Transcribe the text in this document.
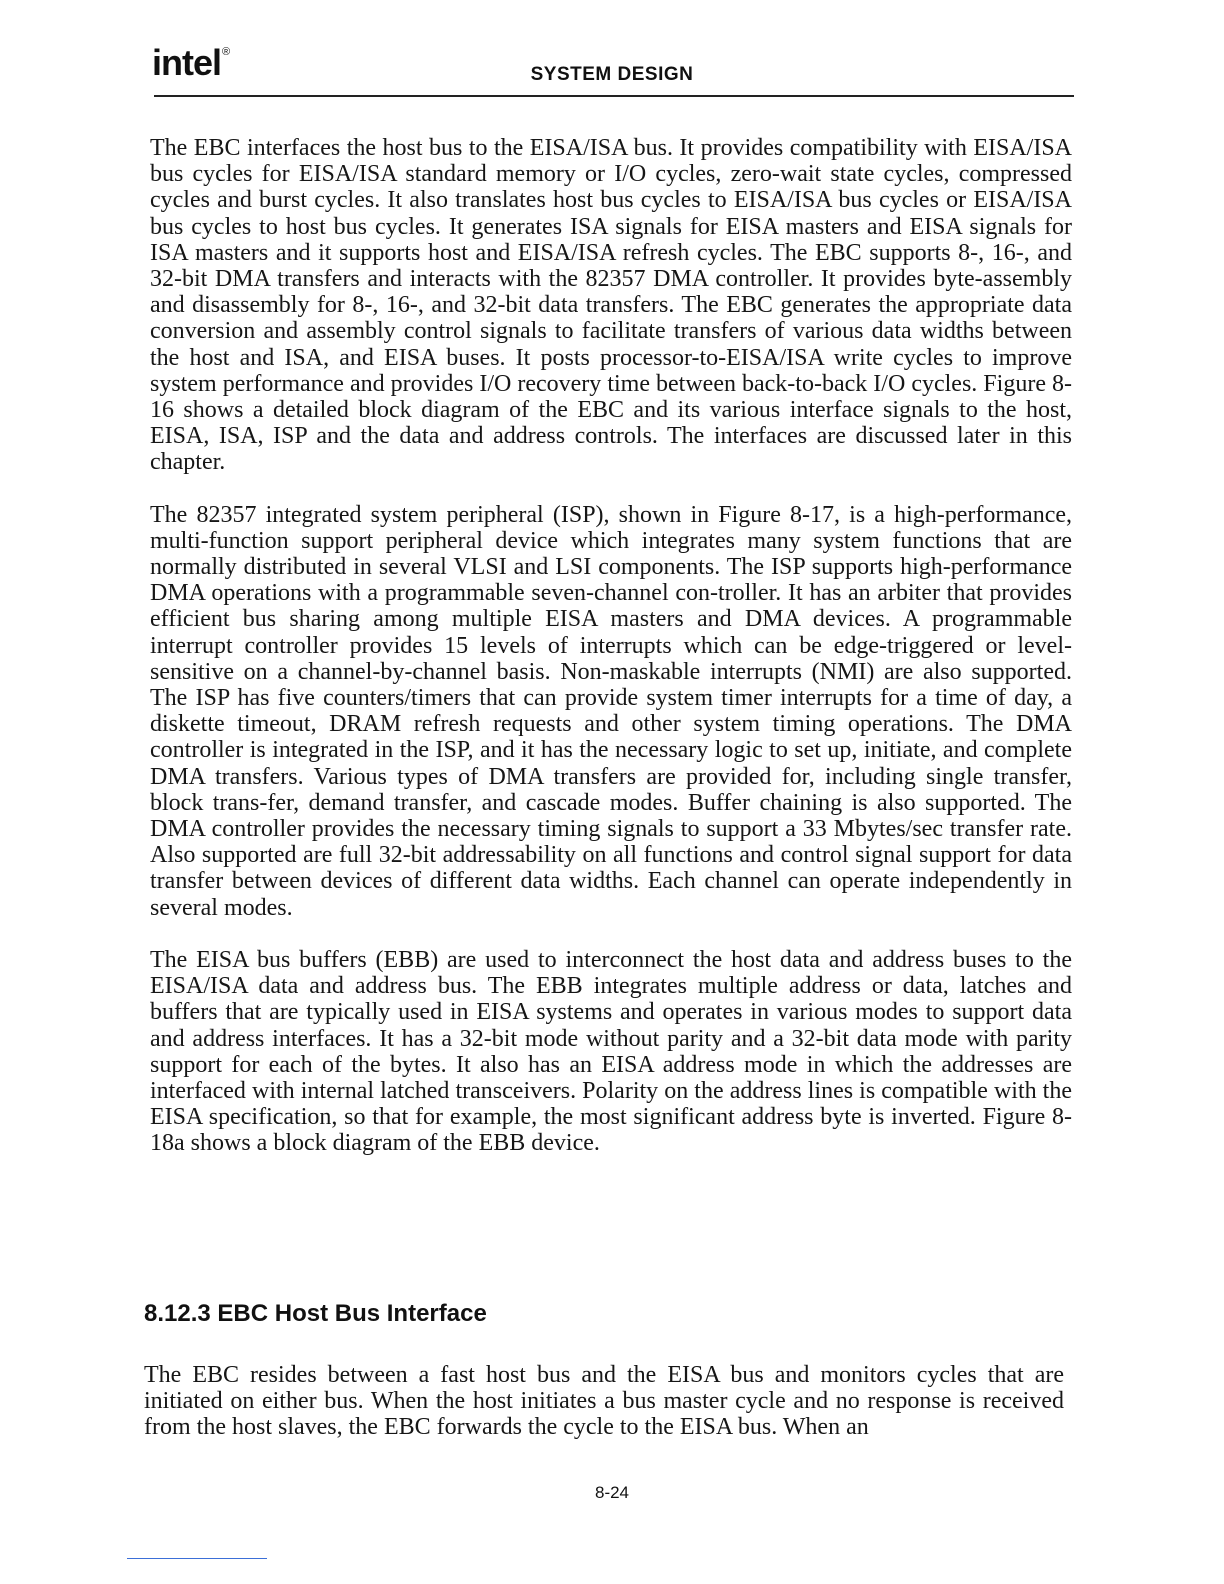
intel®
SYSTEM DESIGN

The EBC interfaces the host bus to the EISA/ISA bus. It provides compatibility with EISA/ISA bus cycles for EISA/ISA standard memory or I/O cycles, zero-wait state cycles, compressed cycles and burst cycles. It also translates host bus cycles to EISA/ISA bus cycles or EISA/ISA bus cycles to host bus cycles. It generates ISA signals for EISA masters and EISA signals for ISA masters and it supports host and EISA/ISA refresh cycles. The EBC supports 8-, 16-, and 32-bit DMA transfers and interacts with the 82357 DMA controller. It provides byte-assembly and disassembly for 8-, 16-, and 32-bit data transfers. The EBC generates the appropriate data conversion and assembly control signals to facilitate transfers of various data widths between the host and ISA, and EISA buses. It posts processor-to-EISA/ISA write cycles to improve system performance and provides I/O recovery time between back-to-back I/O cycles. Figure 8-16 shows a detailed block diagram of the EBC and its various interface signals to the host, EISA, ISA, ISP and the data and address controls. The interfaces are discussed later in this chapter.

The 82357 integrated system peripheral (ISP), shown in Figure 8-17, is a high-performance, multi-function support peripheral device which integrates many system functions that are normally distributed in several VLSI and LSI components. The ISP supports high-performance DMA operations with a programmable seven-channel con-troller. It has an arbiter that provides efficient bus sharing among multiple EISA masters and DMA devices. A programmable interrupt controller provides 15 levels of interrupts which can be edge-triggered or level-sensitive on a channel-by-channel basis. Non-maskable interrupts (NMI) are also supported. The ISP has five counters/timers that can provide system timer interrupts for a time of day, a diskette timeout, DRAM refresh requests and other system timing operations. The DMA controller is integrated in the ISP, and it has the necessary logic to set up, initiate, and complete DMA transfers. Various types of DMA transfers are provided for, including single transfer, block trans-fer, demand transfer, and cascade modes. Buffer chaining is also supported. The DMA controller provides the necessary timing signals to support a 33 Mbytes/sec transfer rate. Also supported are full 32-bit addressability on all functions and control signal support for data transfer between devices of different data widths. Each channel can operate independently in several modes.

The EISA bus buffers (EBB) are used to interconnect the host data and address buses to the EISA/ISA data and address bus. The EBB integrates multiple address or data, latches and buffers that are typically used in EISA systems and operates in various modes to support data and address interfaces. It has a 32-bit mode without parity and a 32-bit data mode with parity support for each of the bytes. It also has an EISA address mode in which the addresses are interfaced with internal latched transceivers. Polarity on the address lines is compatible with the EISA specification, so that for example, the most significant address byte is inverted. Figure 8-18a shows a block diagram of the EBB device.

8.12.3 EBC Host Bus Interface

The EBC resides between a fast host bus and the EISA bus and monitors cycles that are initiated on either bus. When the host initiates a bus master cycle and no response is received from the host slaves, the EBC forwards the cycle to the EISA bus. When an

8-24
